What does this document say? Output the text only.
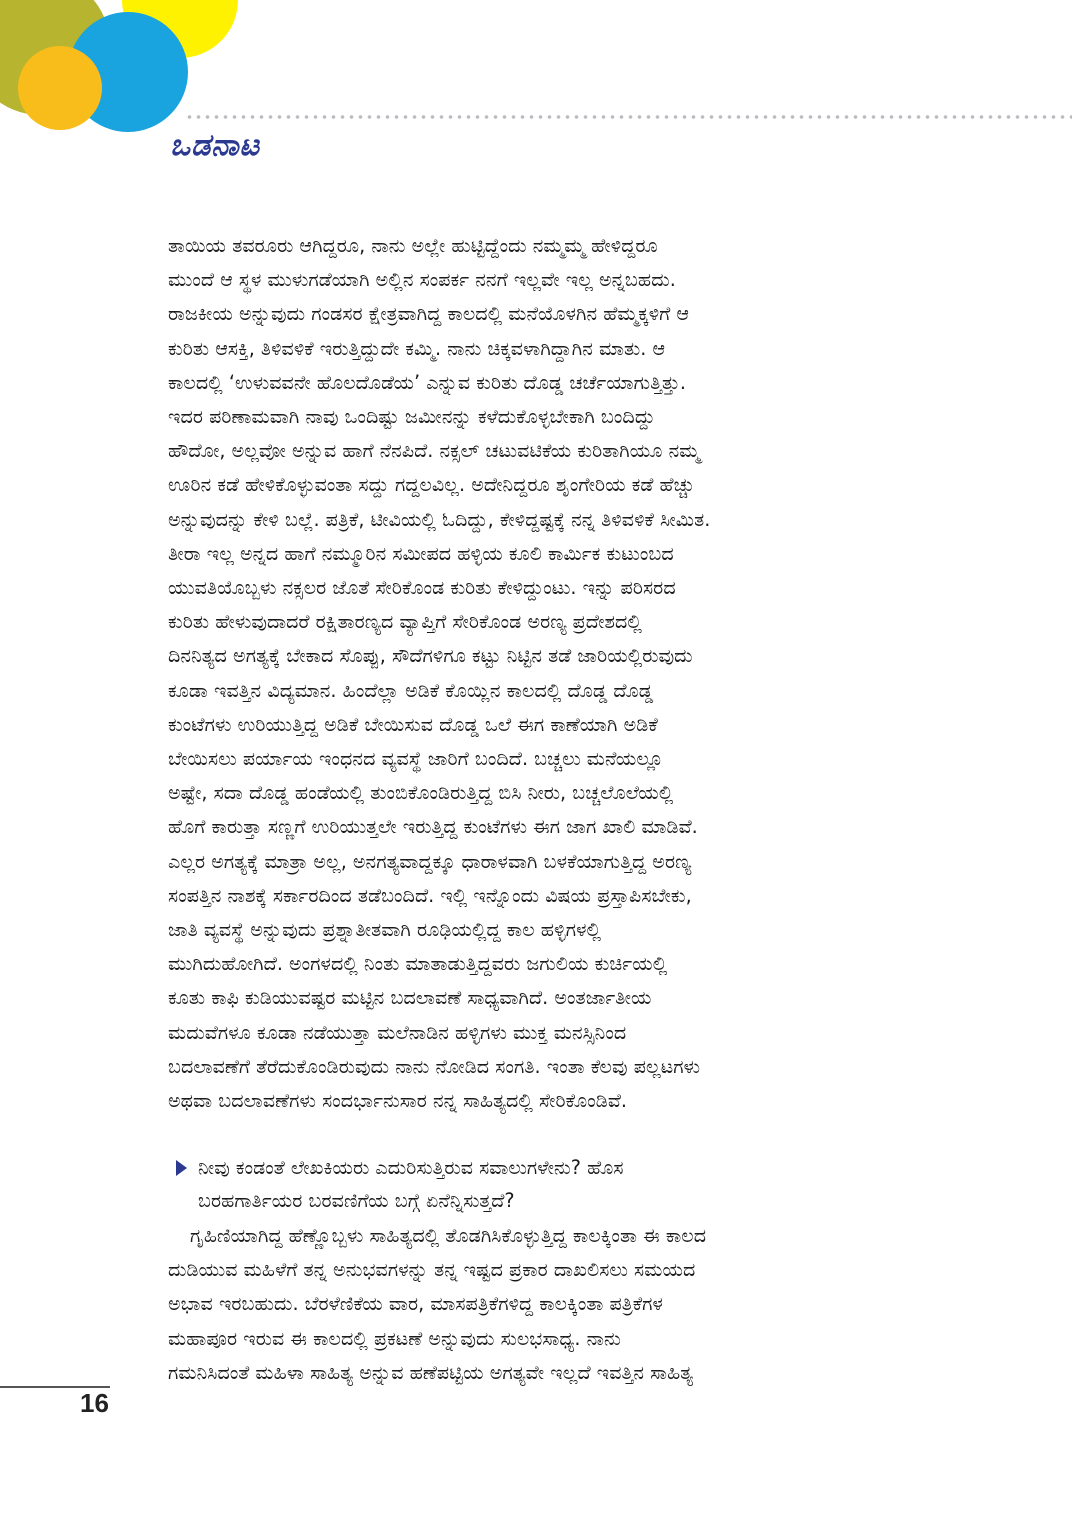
ಒಡನಾಟ
ತಾಯಿಯ ತವರೂರು ಆಗಿದ್ದರೂ, ನಾನು ಅಲ್ಲೇ ಹುಟ್ಟಿದ್ದೆಂದು ನಮ್ಮಮ್ಮ ಹೇಳಿದ್ದರೂ
ಮುಂದೆ ಆ ಸ್ಥಳ ಮುಳುಗಡೆಯಾಗಿ ಅಲ್ಲಿನ ಸಂಪರ್ಕ ನನಗೆ ಇಲ್ಲವೇ ಇಲ್ಲ ಅನ್ನಬಹದು.
ರಾಜಕೀಯ ಅನ್ನುವುದು ಗಂಡಸರ ಕ್ಷೇತ್ರವಾಗಿದ್ದ ಕಾಲದಲ್ಲಿ ಮನೆಯೊಳಗಿನ ಹೆಮ್ಮಕ್ಕಳಿಗೆ ಆ
ಕುರಿತು ಆಸಕ್ತಿ, ತಿಳಿವಳಿಕೆ ಇರುತ್ತಿದ್ದುದೇ ಕಮ್ಮಿ. ನಾನು ಚಿಕ್ಕವಳಾಗಿದ್ದಾಗಿನ ಮಾತು. ಆ
ಕಾಲದಲ್ಲಿ ‘ಉಳುವವನೇ ಹೊಲದೊಡೆಯ’ ಎನ್ನುವ ಕುರಿತು ದೊಡ್ಡ ಚರ್ಚೆಯಾಗುತ್ತಿತ್ತು.
ಇದರ ಪರಿಣಾಮವಾಗಿ ನಾವು ಒಂದಿಷ್ಟು ಜಮೀನನ್ನು ಕಳೆದುಕೊಳ್ಳಬೇಕಾಗಿ ಬಂದಿದ್ದು
ಹೌದೋ, ಅಲ್ಲವೋ ಅನ್ನುವ ಹಾಗೆ ನೆನಪಿದೆ. ನಕ್ಸಲ್ ಚಟುವಟಿಕೆಯ ಕುರಿತಾಗಿಯೂ ನಮ್ಮ
ಊರಿನ ಕಡೆ ಹೇಳಿಕೊಳ್ಳುವಂತಾ ಸದ್ದು ಗದ್ದಲವಿಲ್ಲ. ಅದೇನಿದ್ದರೂ ಶೃಂಗೇರಿಯ ಕಡೆ ಹೆಚ್ಚು
ಅನ್ನುವುದನ್ನು ಕೇಳಿ ಬಲ್ಲೆ. ಪತ್ರಿಕೆ, ಟೀವಿಯಲ್ಲಿ ಓದಿದ್ದು, ಕೇಳಿದ್ದಷ್ಟಕ್ಕೆ ನನ್ನ ತಿಳಿವಳಿಕೆ ಸೀಮಿತ.
ತೀರಾ ಇಲ್ಲ ಅನ್ನದ ಹಾಗೆ ನಮ್ಮೂರಿನ ಸಮೀಪದ ಹಳ್ಳಿಯ ಕೂಲಿ ಕಾರ್ಮಿಕ ಕುಟುಂಬದ
ಯುವತಿಯೊಬ್ಬಳು ನಕ್ಸಲರ ಜೊತೆ ಸೇರಿಕೊಂಡ ಕುರಿತು ಕೇಳಿದ್ದುಂಟು. ಇನ್ನು ಪರಿಸರದ
ಕುರಿತು ಹೇಳುವುದಾದರೆ ರಕ್ಷಿತಾರಣ್ಯದ ವ್ಯಾಪ್ತಿಗೆ ಸೇರಿಕೊಂಡ ಅರಣ್ಯ ಪ್ರದೇಶದಲ್ಲಿ
ದಿನನಿತ್ಯದ ಅಗತ್ಯಕ್ಕೆ ಬೇಕಾದ ಸೊಪ್ಪು, ಸೌದೆಗಳಿಗೂ ಕಟ್ಟು ನಿಟ್ಟಿನ ತಡೆ ಜಾರಿಯಲ್ಲಿರುವುದು
ಕೂಡಾ ಇವತ್ತಿನ ವಿದ್ಯಮಾನ. ಹಿಂದೆಲ್ಲಾ ಅಡಿಕೆ ಕೊಯ್ಲಿನ ಕಾಲದಲ್ಲಿ ದೊಡ್ಡ ದೊಡ್ಡ
ಕುಂಟೆಗಳು ಉರಿಯುತ್ತಿದ್ದ ಅಡಿಕೆ ಬೇಯಿಸುವ ದೊಡ್ಡ ಒಲೆ ಈಗ ಕಾಣೆಯಾಗಿ ಅಡಿಕೆ
ಬೇಯಿಸಲು ಪರ್ಯಾಯ ಇಂಧನದ ವ್ಯವಸ್ಥೆ ಜಾರಿಗೆ ಬಂದಿದೆ. ಬಚ್ಚಲು ಮನೆಯಲ್ಲೂ
ಅಷ್ಟೇ, ಸದಾ ದೊಡ್ಡ ಹಂಡೆಯಲ್ಲಿ ತುಂಬಿಕೊಂಡಿರುತ್ತಿದ್ದ ಬಿಸಿ ನೀರು, ಬಚ್ಚಲೊಲೆಯಲ್ಲಿ
ಹೊಗೆ ಕಾರುತ್ತಾ ಸಣ್ಣಗೆ ಉರಿಯುತ್ತಲೇ ಇರುತ್ತಿದ್ದ ಕುಂಟೆಗಳು ಈಗ ಜಾಗ ಖಾಲಿ ಮಾಡಿವೆ.
ಎಲ್ಲರ ಅಗತ್ಯಕ್ಕೆ ಮಾತ್ರಾ ಅಲ್ಲ, ಅನಗತ್ಯವಾದ್ದಕ್ಕೂ ಧಾರಾಳವಾಗಿ ಬಳಕೆಯಾಗುತ್ತಿದ್ದ ಅರಣ್ಯ
ಸಂಪತ್ತಿನ ನಾಶಕ್ಕೆ ಸರ್ಕಾರದಿಂದ ತಡೆಬಂದಿದೆ. ಇಲ್ಲಿ ಇನ್ನೊಂದು ವಿಷಯ ಪ್ರಸ್ತಾಪಿಸಬೇಕು,
ಜಾತಿ ವ್ಯವಸ್ಥೆ ಅನ್ನುವುದು ಪ್ರಶ್ನಾತೀತವಾಗಿ ರೂಢಿಯಲ್ಲಿದ್ದ ಕಾಲ ಹಳ್ಳಿಗಳಲ್ಲಿ
ಮುಗಿದುಹೋಗಿದೆ. ಅಂಗಳದಲ್ಲಿ ನಿಂತು ಮಾತಾಡುತ್ತಿದ್ದವರು ಜಗುಲಿಯ ಕುರ್ಚಿಯಲ್ಲಿ
ಕೂತು ಕಾಫಿ ಕುಡಿಯುವಷ್ಟರ ಮಟ್ಟಿನ ಬದಲಾವಣೆ ಸಾಧ್ಯವಾಗಿದೆ. ಅಂತರ್ಜಾತೀಯ
ಮದುವೆಗಳೂ ಕೂಡಾ ನಡೆಯುತ್ತಾ ಮಲೆನಾಡಿನ ಹಳ್ಳಿಗಳು ಮುಕ್ತ ಮನಸ್ಸಿನಿಂದ
ಬದಲಾವಣೆಗೆ ತೆರೆದುಕೊಂಡಿರುವುದು ನಾನು ನೋಡಿದ ಸಂಗತಿ. ಇಂತಾ ಕೆಲವು ಪಲ್ಲಟಗಳು
ಅಥವಾ ಬದಲಾವಣೆಗಳು ಸಂದರ್ಭಾನುಸಾರ ನನ್ನ ಸಾಹಿತ್ಯದಲ್ಲಿ ಸೇರಿಕೊಂಡಿವೆ.
ನೀವು ಕಂಡಂತೆ ಲೇಖಕಿಯರು ಎದುರಿಸುತ್ತಿರುವ ಸವಾಲುಗಳೇನು? ಹೊಸ
ಬರಹಗಾರ್ತಿಯರ ಬರವಣಿಗೆಯ ಬಗ್ಗೆ ಏನೆನ್ನಿಸುತ್ತದೆ?
ಗೃಹಿಣಿಯಾಗಿದ್ದ ಹೆಣ್ಣೊಬ್ಬಳು ಸಾಹಿತ್ಯದಲ್ಲಿ ತೊಡಗಿಸಿಕೊಳ್ಳುತ್ತಿದ್ದ ಕಾಲಕ್ಕಿಂತಾ ಈ ಕಾಲದ
ದುಡಿಯುವ ಮಹಿಳೆಗೆ ತನ್ನ ಅನುಭವಗಳನ್ನು ತನ್ನ ಇಷ್ಟದ ಪ್ರಕಾರ ದಾಖಲಿಸಲು ಸಮಯದ
ಅಭಾವ ಇರಬಹುದು. ಬೆರಳೆಣಿಕೆಯ ವಾರ, ಮಾಸಪತ್ರಿಕೆಗಳಿದ್ದ ಕಾಲಕ್ಕಿಂತಾ ಪತ್ರಿಕೆಗಳ
ಮಹಾಪೂರ ಇರುವ ಈ ಕಾಲದಲ್ಲಿ ಪ್ರಕಟಣೆ ಅನ್ನುವುದು ಸುಲಭಸಾಧ್ಯ. ನಾನು
ಗಮನಿಸಿದಂತೆ ಮಹಿಳಾ ಸಾಹಿತ್ಯ ಅನ್ನುವ ಹಣೆಪಟ್ಟಿಯ ಅಗತ್ಯವೇ ಇಲ್ಲದೆ ಇವತ್ತಿನ ಸಾಹಿತ್ಯ
16
